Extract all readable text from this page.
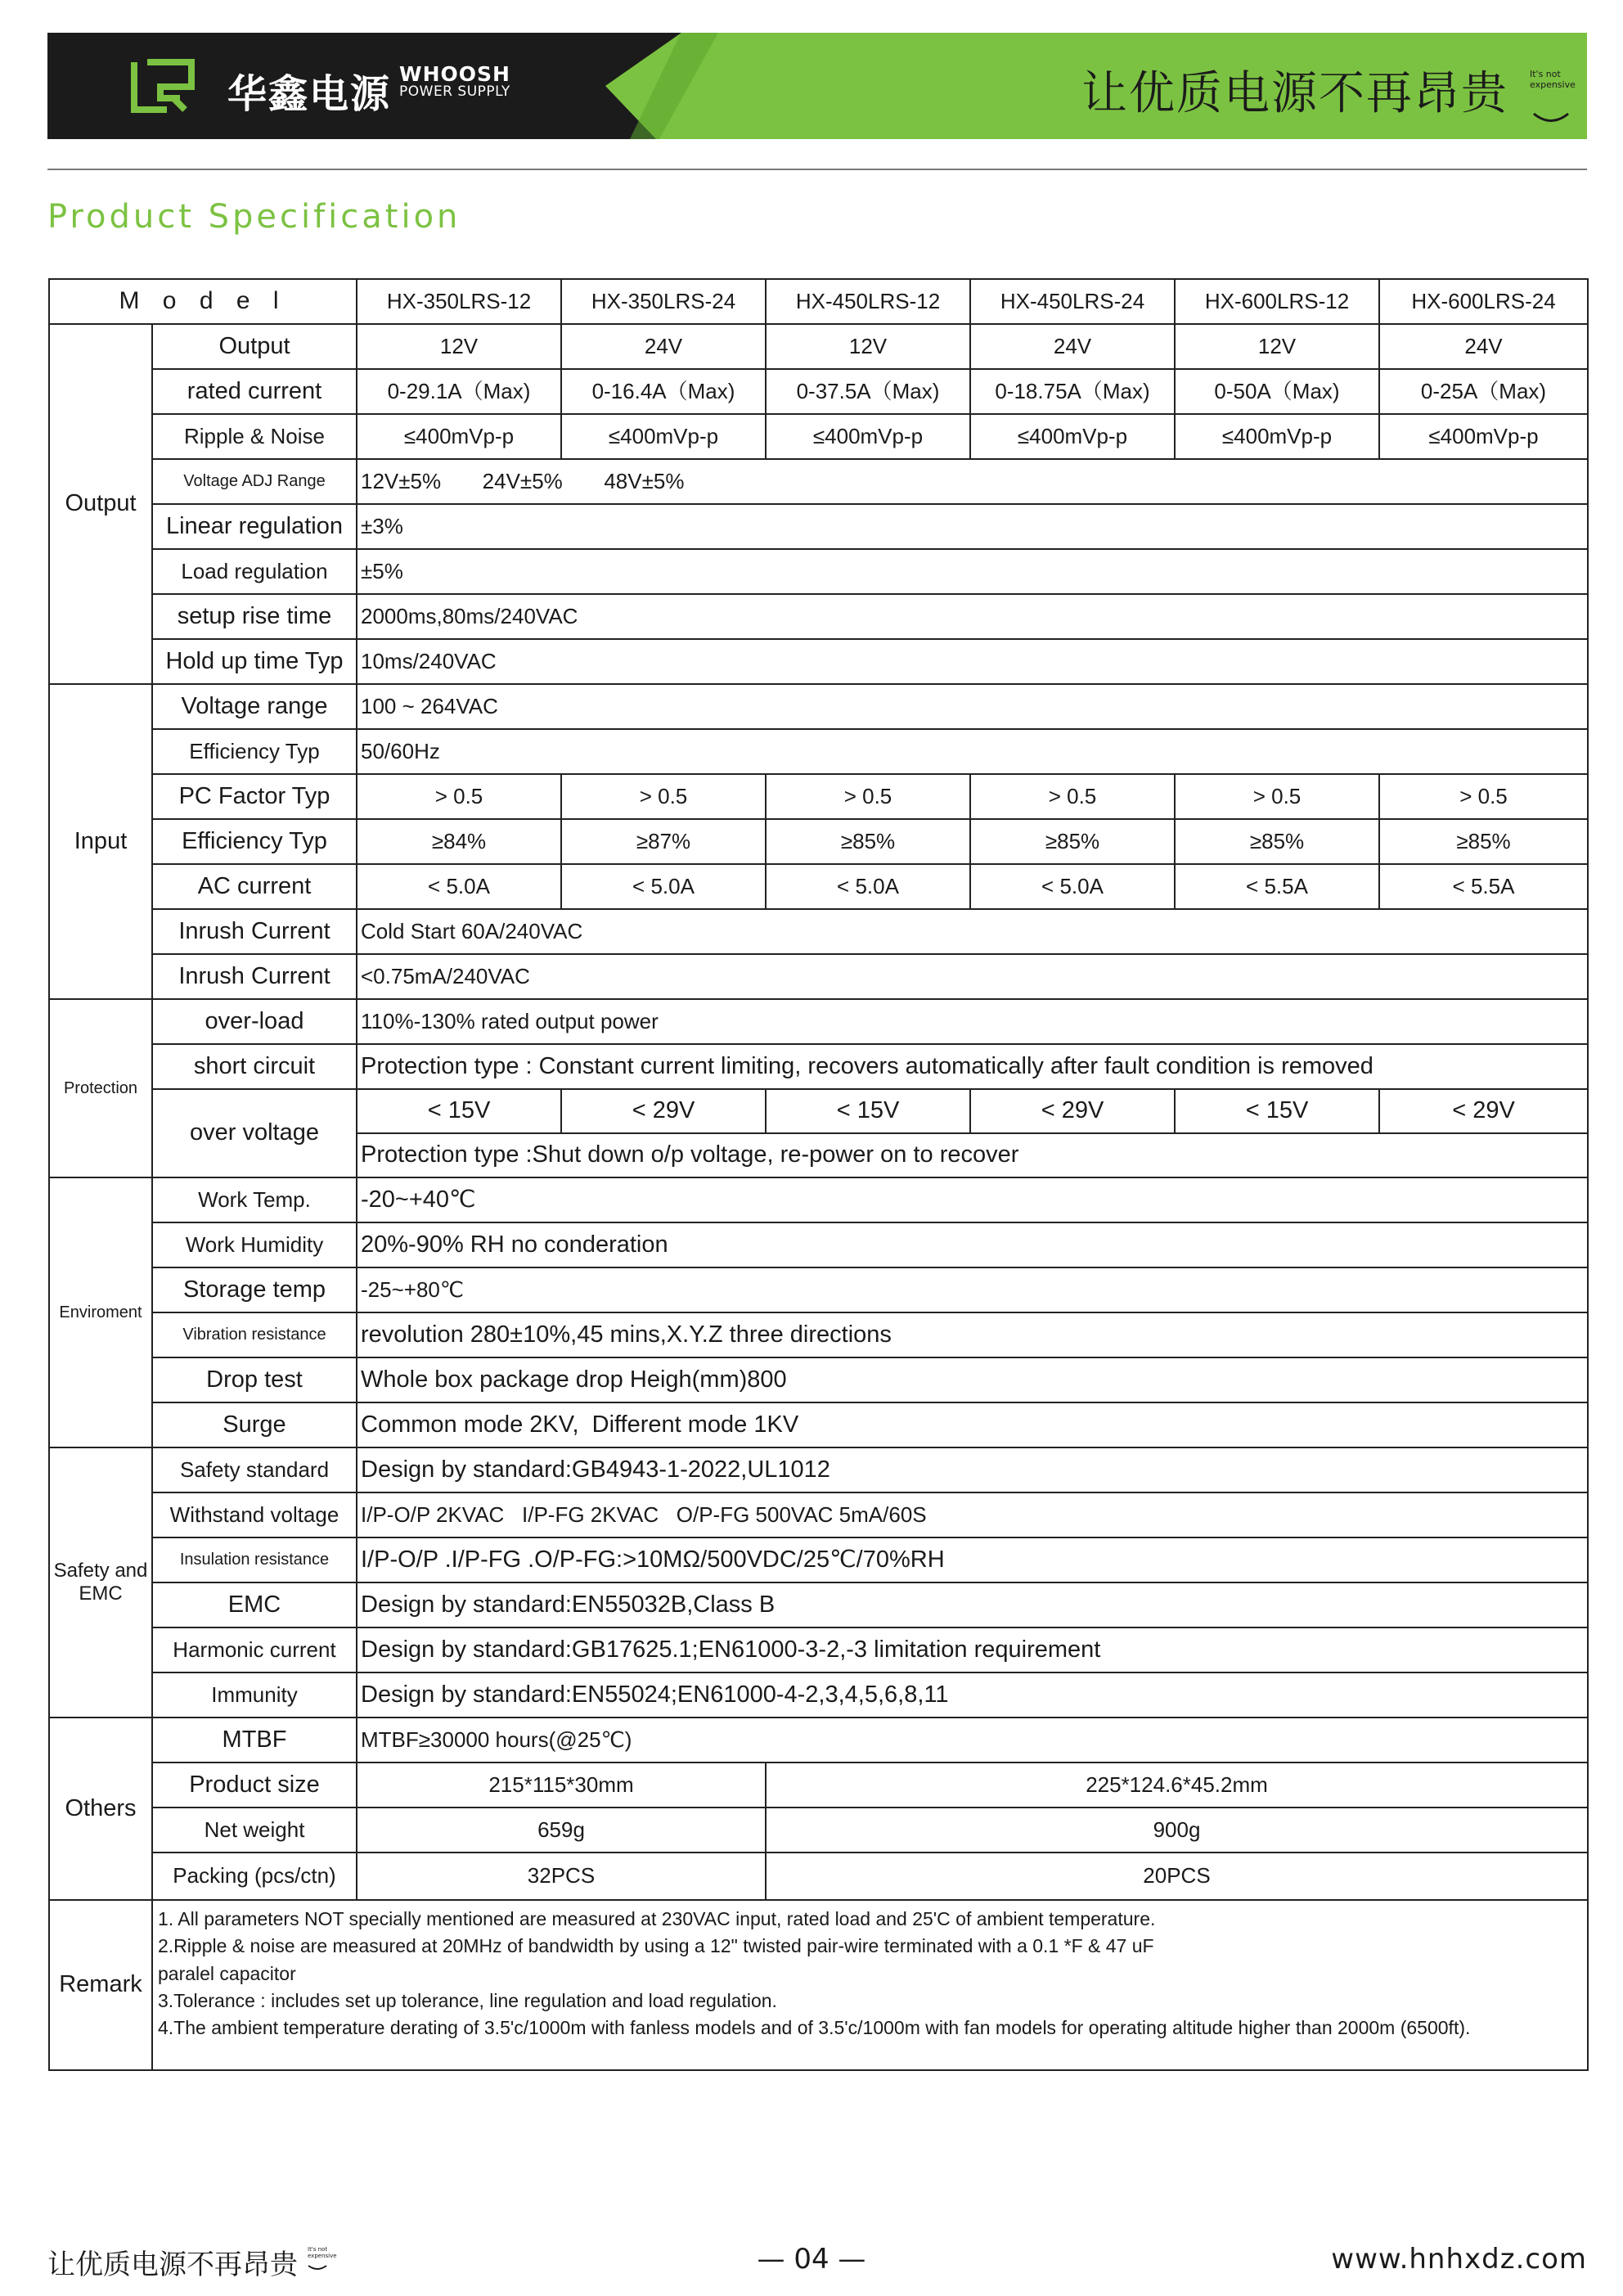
华鑫电源 WHOOSH
POWER SUPPLY	让优质电源不再昂贵 It's not
expensive
Product Specification
M o d e l		HX-350LRS-12	HX-350LRS-24	HX-450LRS-12	HX-450LRS-24	HX-600LRS-12	HX-600LRS-24
Output	Output	12V	24V	12V	24V	12V	24V
	rated current	0-29.1A（Max)	0-16.4A（Max)	0-37.5A（Max)	0-18.75A（Max)	0-50A（Max)	0-25A（Max)
	Ripple & Noise	≤400mVp-p	≤400mVp-p	≤400mVp-p	≤400mVp-p	≤400mVp-p	≤400mVp-p
	Voltage ADJ Range	12V±5%       24V±5%       48V±5%					
	Linear regulation	±3%					
	Load regulation	±5%					
	setup rise time	2000ms,80ms/240VAC					
	Hold up time Typ	10ms/240VAC					
Input	Voltage range	100 ~ 264VAC					
	Efficiency Typ	50/60Hz					
	PC Factor Typ	> 0.5	> 0.5	> 0.5	> 0.5	> 0.5	> 0.5
	Efficiency Typ	≥84%	≥87%	≥85%	≥85%	≥85%	≥85%
	AC current	< 5.0A	< 5.0A	< 5.0A	< 5.0A	< 5.5A	< 5.5A
	Inrush Current	Cold Start 60A/240VAC					
	Inrush Current	<0.75mA/240VAC					
Protection	over-load	110%-130% rated output power					
	short circuit	Protection type : Constant current limiting, recovers automatically after fault condition is removed					
	over voltage	< 15V	< 29V	< 15V	< 29V	< 15V	< 29V
		Protection type :Shut down o/p voltage, re-power on to recover					
Enviroment	Work Temp.	-20~+40℃					
	Work Humidity	20%-90% RH no conderation					
	Storage temp	-25~+80℃					
	Vibration resistance	revolution 280±10%,45 mins,X.Y.Z three directions					
	Drop test	Whole box package drop Heigh(mm)800					
	Surge	Common mode 2KV,  Different mode 1KV					
Safety and EMC	Safety standard	Design by standard:GB4943-1-2022,UL1012					
	Withstand voltage	I/P-O/P 2KVAC   I/P-FG 2KVAC   O/P-FG 500VAC 5mA/60S					
	Insulation resistance	I/P-O/P .I/P-FG .O/P-FG:>10MΩ/500VDC/25℃/70%RH					
	EMC	Design by standard:EN55032B,Class B					
	Harmonic current	Design by standard:GB17625.1;EN61000-3-2,-3 limitation requirement					
	Immunity	Design by standard:EN55024;EN61000-4-2,3,4,5,6,8,11					
Others	MTBF	MTBF≥30000 hours(@25℃)					
	Product size	215*115*30mm		225*124.6*45.2mm			
	Net weight	659g		900g			
	Packing (pcs/ctn)	32PCS		20PCS			
Remark	1. All parameters NOT specially mentioned are measured at 230VAC input, rated load and 25'C of ambient temperature.
2.Ripple & noise are measured at 20MHz of bandwidth by using a 12" twisted pair-wire terminated with a 0.1 *F & 47 uF
paralel capacitor
3.Tolerance : includes set up tolerance, line regulation and load regulation.
4.The ambient temperature derating of 3.5'c/1000m with fanless models and of 3.5'c/1000m with fan models for operating altitude higher than 2000m (6500ft).						
让优质电源不再昂贵 It's not
expensive	— 04 —	www.hnhxdz.com
